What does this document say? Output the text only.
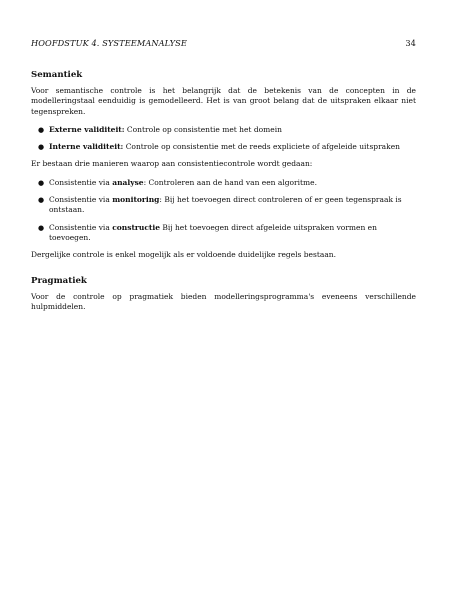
HOOFDSTUK 4. SYSTEEMANALYSE	34
Semantiek

Voor semantische controle is het belangrijk dat de betekenis van de concepten in de modelleringstaal eenduidig is gemodelleerd. Het is van groot belang dat de uitspraken elkaar niet tegenspreken.

● Externe validiteit: Controle op consistentie met het domein
● Interne validiteit: Controle op consistentie met de reeds expliciete of afgeleide uitspraken

Er bestaan drie manieren waarop aan consistentiecontrole wordt gedaan:

● Consistentie via analyse: Controleren aan de hand van een algoritme.
● Consistentie via monitoring: Bij het toevoegen direct controleren of er geen tegenspraak is ontstaan.
● Consistentie via constructie Bij het toevoegen direct afgeleide uitspraken vormen en toevoegen.

Dergelijke controle is enkel mogelijk als er voldoende duidelijke regels bestaan.

Pragmatiek

Voor de controle op pragmatiek bieden modelleringsprogramma's eveneens verschillende hulpmiddelen.
